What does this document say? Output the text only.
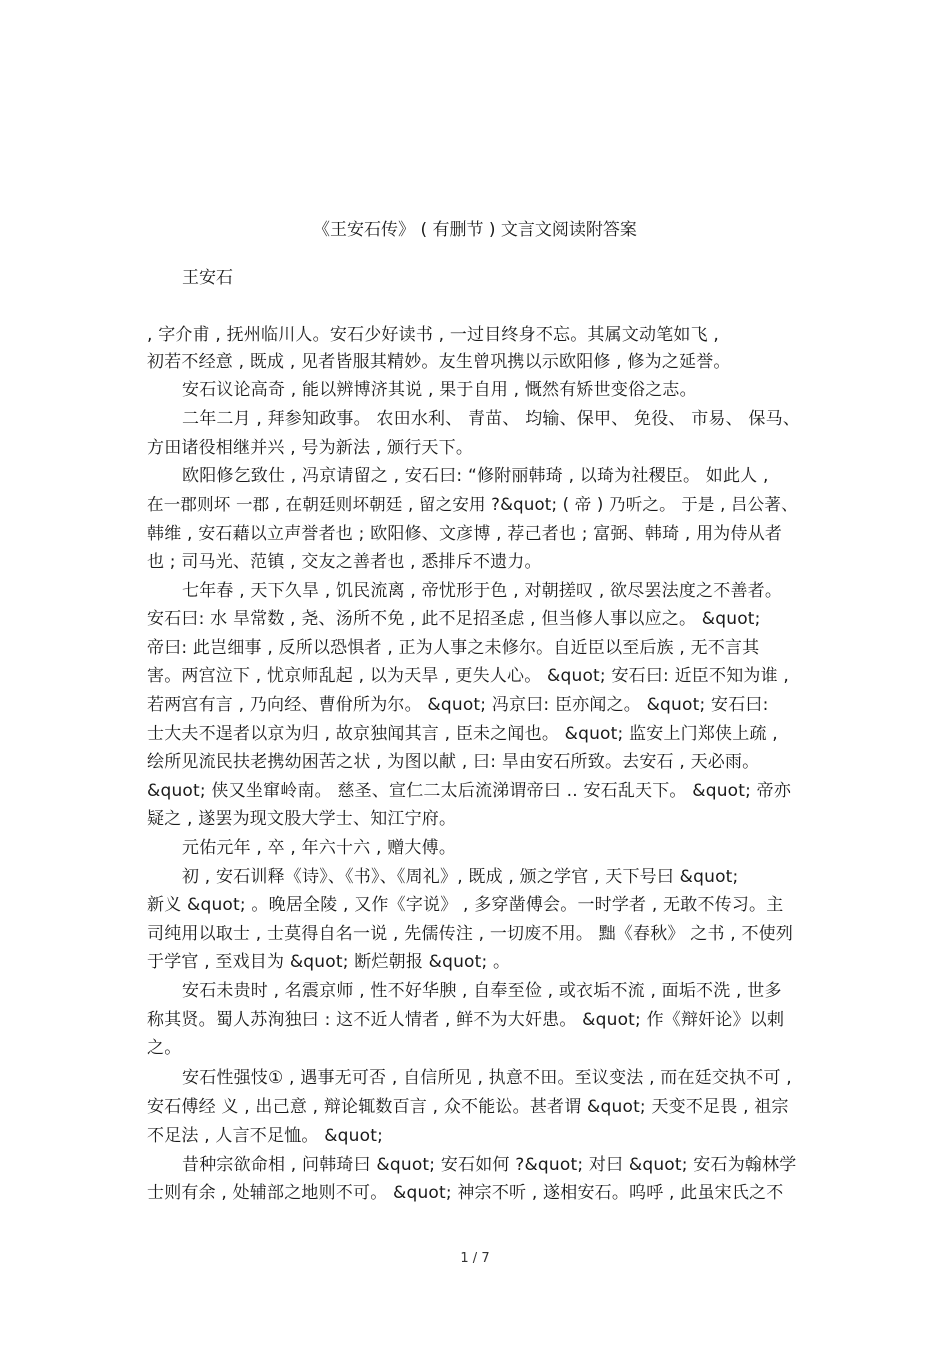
《王安石传》 ( 有删节 ) 文言文阅读附答案
王安石
, 字介甫 , 抚州临川人。安石少好读书 , 一过目终身不忘。其属文动笔如飞 ,
初若不经意 , 既成 , 见者皆服其精妙。友生曾巩携以示欧阳修 , 修为之延誉。
安石议论高奇 , 能以辨博济其说 , 果于自用 , 慨然有矫世变俗之志。
二年二月 , 拜参知政事。 农田水利、 青苗、 均输、保甲、 免役、 市易、 保马、
方田诸役相继并兴 , 号为新法 , 颁行天下。
欧阳修乞致仕 , 冯京请留之 , 安石曰: “修附丽韩琦 , 以琦为社稷臣。 如此人 ,
在一郡则坏 一郡 , 在朝廷则坏朝廷 , 留之安用 ?&quot; ( 帝 ) 乃听之。 于是 , 吕公著、
韩维 , 安石藉以立声誉者也 ; 欧阳修、文彦博 , 荐己者也 ; 富弼、韩琦 , 用为侍从者
也 ; 司马光、范镇 , 交友之善者也 , 悉排斥不遗力。
七年春 , 天下久旱 , 饥民流离 , 帝忧形于色 , 对朝搓叹 , 欲尽罢法度之不善者。
安石曰: 水 旱常数 , 尧、汤所不免 , 此不足招圣虑 , 但当修人事以应之。 &quot;
帝曰: 此岂细事 , 反所以恐惧者 , 正为人事之未修尔。自近臣以至后族 , 无不言其
害。两宫泣下 , 忧京师乱起 , 以为天旱 , 更失人心。 &quot; 安石曰: 近臣不知为谁 ,
若两宫有言 , 乃向经、曹佾所为尔。 &quot; 冯京曰: 臣亦闻之。 &quot; 安石曰:
士大夫不逞者以京为归 , 故京独闻其言 , 臣未之闻也。 &quot; 监安上门郑侠上疏 ,
绘所见流民扶老携幼困苦之状 , 为图以献 , 曰: 旱由安石所致。去安石 , 天必雨。
&quot; 侠又坐窜岭南。 慈圣、宣仁二太后流涕谓帝曰 .. 安石乱天下。 &quot; 帝亦
疑之 , 遂罢为现文股大学士、知江宁府。
元佑元年 , 卒 , 年六十六 , 赠大傅。
初 , 安石训释《诗》、《书》、《周礼》, 既成 , 颁之学官 , 天下号曰 &quot;
新义 &quot; 。晚居全陵 , 又作《字说》 , 多穿凿傅会。一时学者 , 无敢不传习。主
司纯用以取士 , 士莫得自名一说 , 先儒传注 , 一切废不用。 黜《春秋》 之书 , 不使列
于学官 , 至戏目为 &quot; 断烂朝报 &quot; 。
安石未贵时 , 名震京师 , 性不好华腴 , 自奉至俭 , 或衣垢不流 , 面垢不洗 , 世多
称其贤。蜀人苏洵独曰 : 这不近人情者 , 鲜不为大奸患。 &quot; 作《辩奸论》以剌
之。
安石性强忮① , 遇事无可否 , 自信所见 , 执意不田。至议变法 , 而在廷交执不可 ,
安石傅经 义 , 出己意 , 辩论辄数百言 , 众不能讼。甚者谓 &quot; 天变不足畏 , 祖宗
不足法 , 人言不足恤。 &quot;
昔种宗欲命相 , 问韩琦曰 &quot; 安石如何 ?&quot; 对曰 &quot; 安石为翰林学
士则有余 , 处辅部之地则不可。 &quot; 神宗不听 , 遂相安石。呜呼 , 此虽宋氏之不
1 / 7
